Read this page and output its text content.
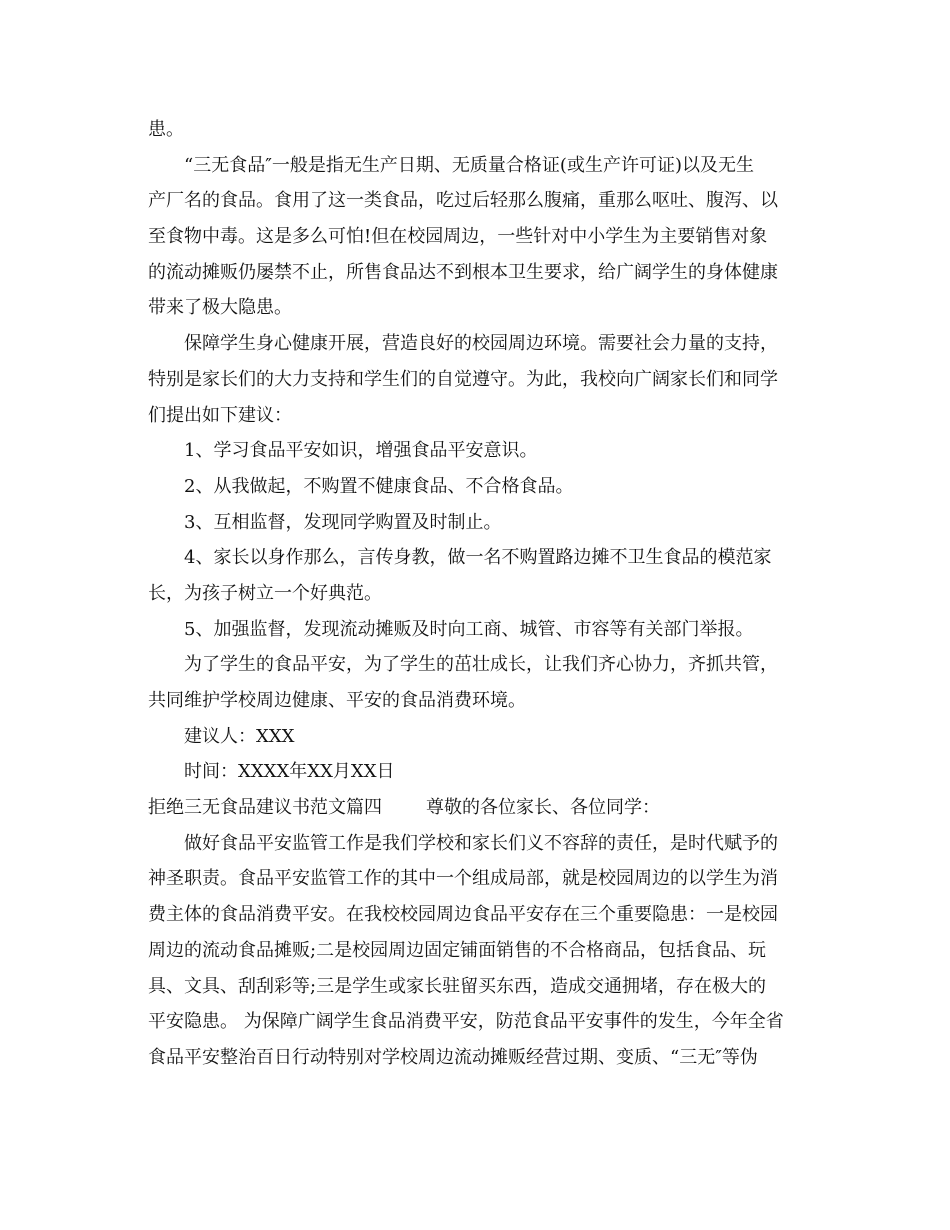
患。
“三无食品″一般是指无生产日期、无质量合格证(或生产许可证)以及无生
产厂名的食品。食用了这一类食品，吃过后轻那么腹痛，重那么呕吐、腹泻、以
至食物中毒。这是多么可怕!但在校园周边，一些针对中小学生为主要销售对象
的流动摊贩仍屡禁不止，所售食品达不到根本卫生要求，给广阔学生的身体健康
带来了极大隐患。
保障学生身心健康开展，营造良好的校园周边环境。需要社会力量的支持，
特别是家长们的大力支持和学生们的自觉遵守。为此，我校向广阔家长们和同学
们提出如下建议：
1、学习食品平安如识，增强食品平安意识。
2、从我做起，不购置不健康食品、不合格食品。
3、互相监督，发现同学购置及时制止。
4、家长以身作那么，言传身教，做一名不购置路边摊不卫生食品的模范家
长，为孩子树立一个好典范。
5、加强监督，发现流动摊贩及时向工商、城管、市容等有关部门举报。
为了学生的食品平安，为了学生的茁壮成长，让我们齐心协力，齐抓共管，
共同维护学校周边健康、平安的食品消费环境。
建议人：XXX
时间：XXXX年XX月XX日
拒绝三无食品建议书范文篇四 尊敬的各位家长、各位同学：
做好食品平安监管工作是我们学校和家长们义不容辞的责任，是时代赋予的
神圣职责。食品平安监管工作的其中一个组成局部，就是校园周边的以学生为消
费主体的食品消费平安。在我校校园周边食品平安存在三个重要隐患：一是校园
周边的流动食品摊贩;二是校园周边固定铺面销售的不合格商品，包括食品、玩
具、文具、刮刮彩等;三是学生或家长驻留买东西，造成交通拥堵，存在极大的
平安隐患。 为保障广阔学生食品消费平安，防范食品平安事件的发生，今年全省
食品平安整治百日行动特别对学校周边流动摊贩经营过期、变质、“三无″等伪
